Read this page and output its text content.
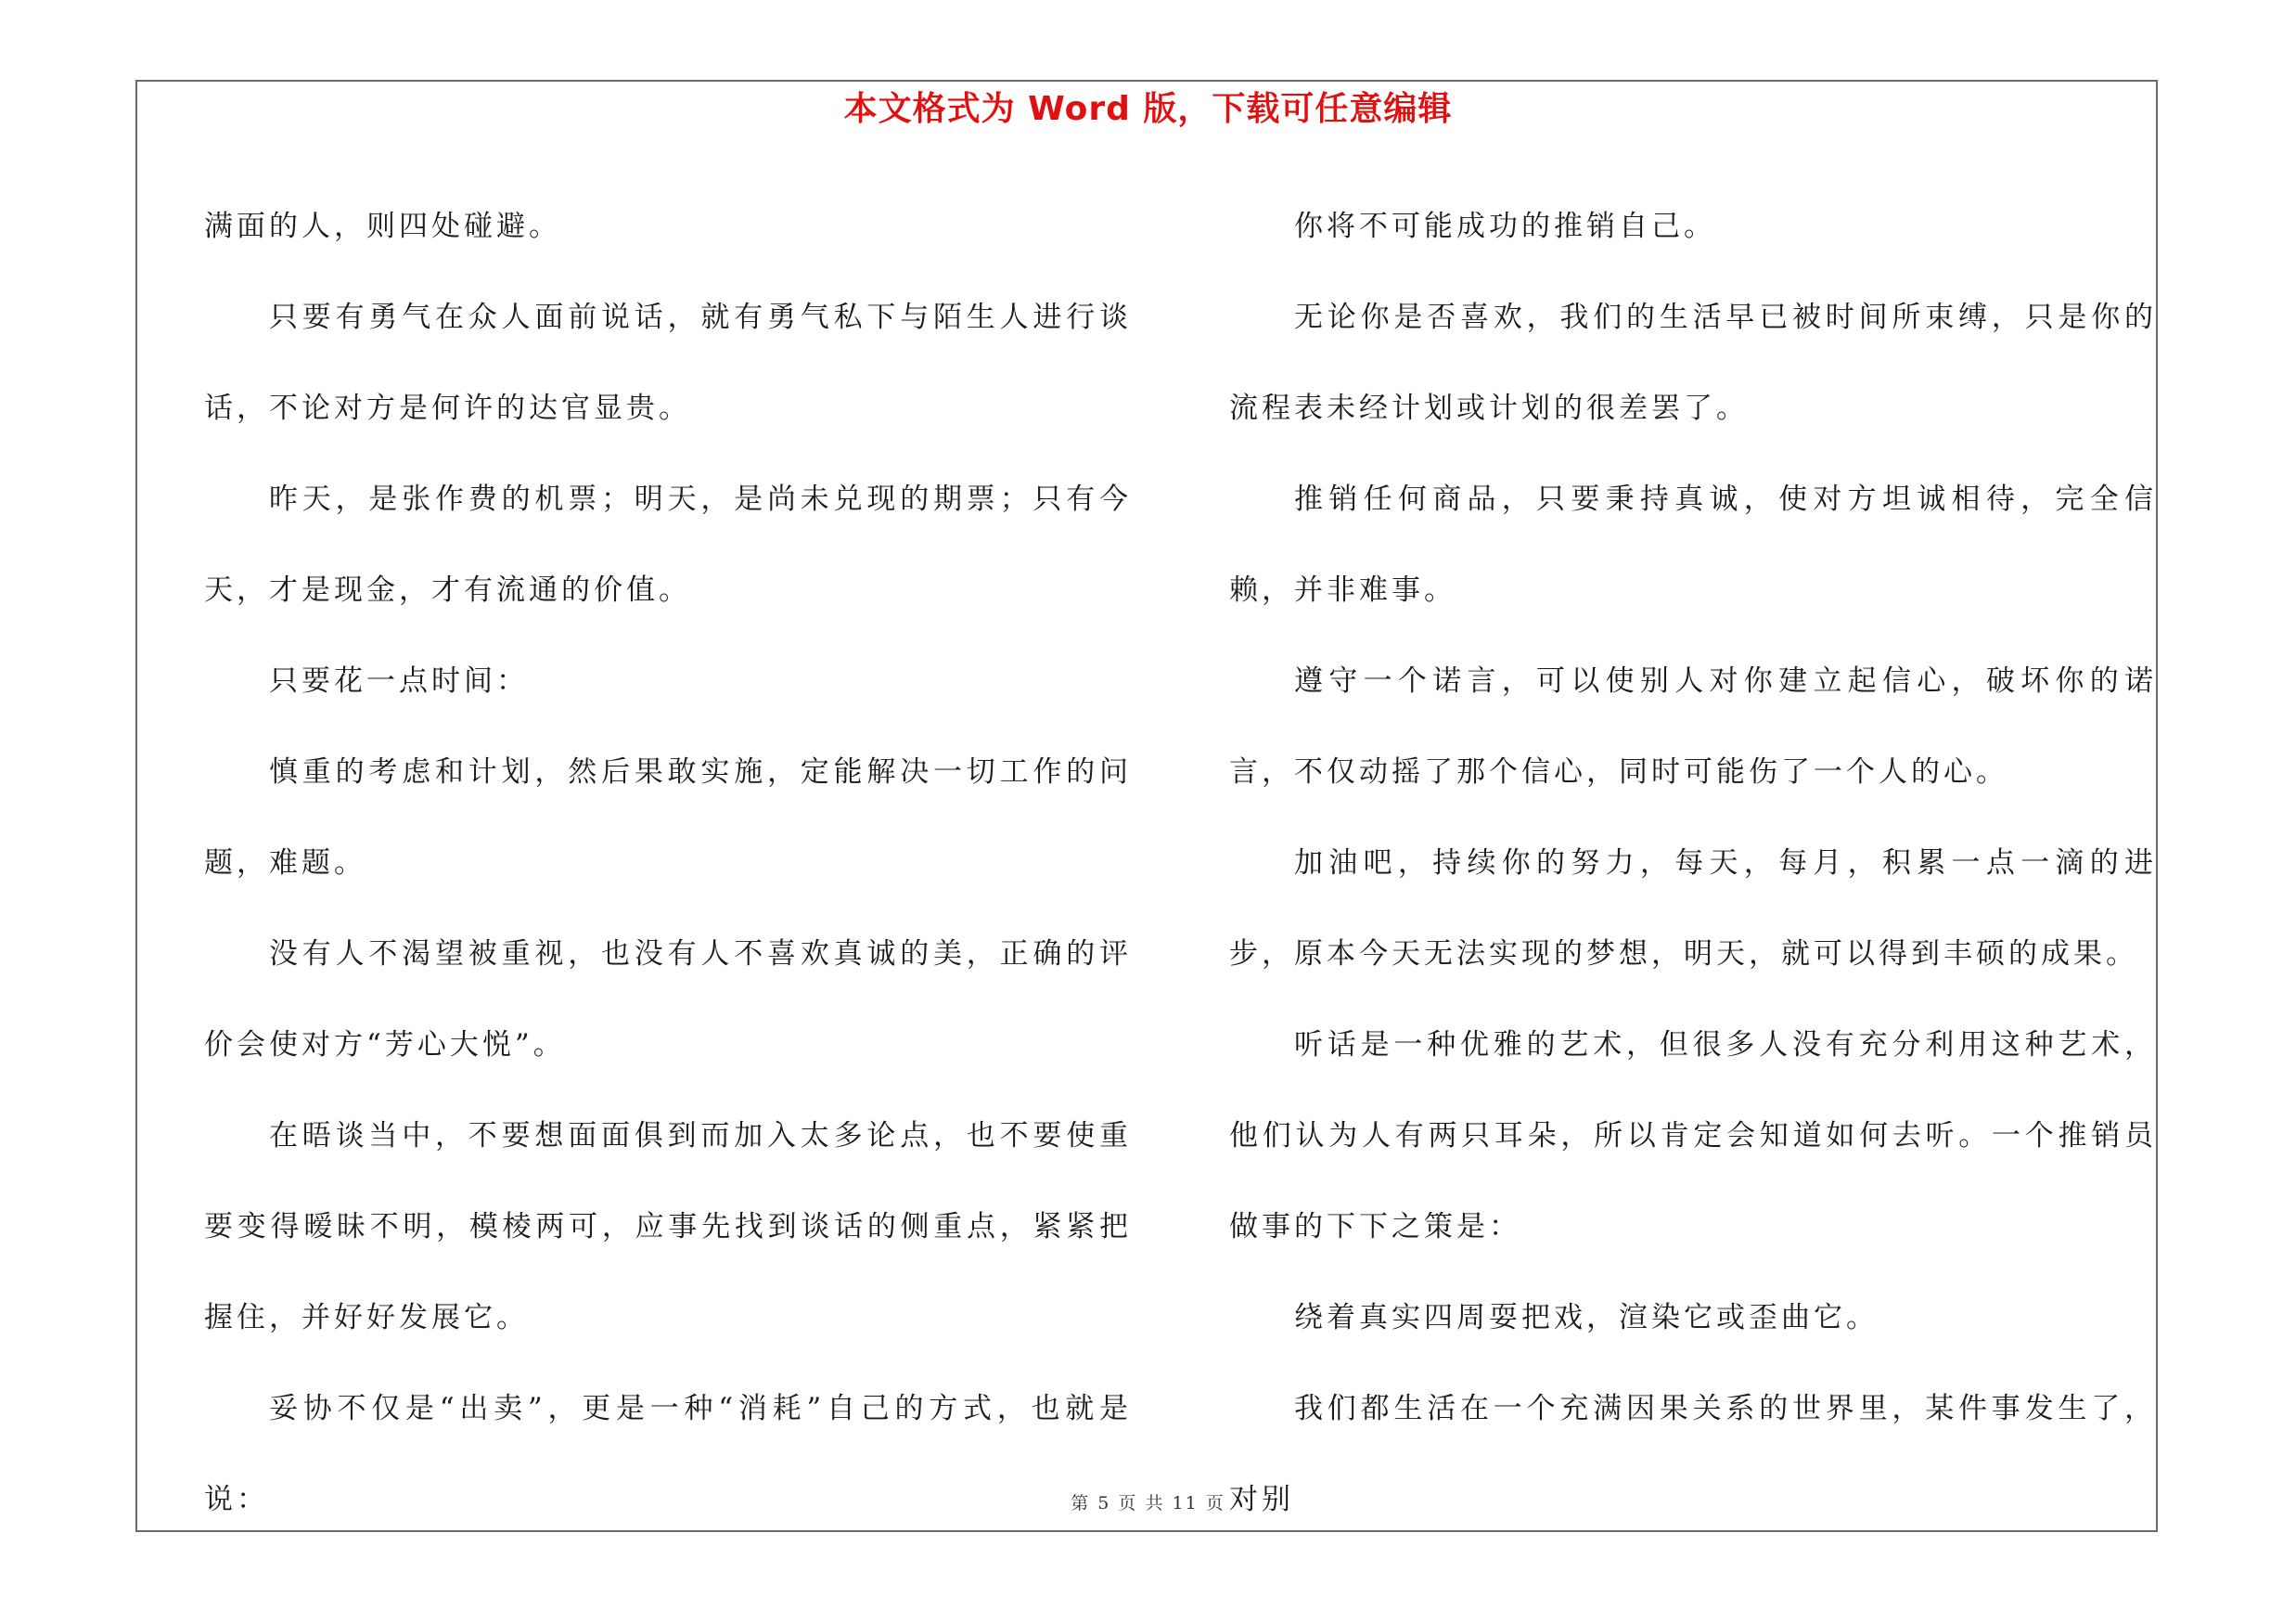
本文格式为 Word 版，下载可任意编辑

满面的人，则四处碰避。

只要有勇气在众人面前说话，就有勇气私下与陌生人进行谈话，不论对方是何许的达官显贵。

昨天，是张作费的机票；明天，是尚未兑现的期票；只有今天，才是现金，才有流通的价值。

只要花一点时间：

慎重的考虑和计划，然后果敢实施，定能解决一切工作的问题，难题。

没有人不渴望被重视，也没有人不喜欢真诚的美，正确的评价会使对方“芳心大悦”。

在晤谈当中，不要想面面俱到而加入太多论点，也不要使重要变得暧昧不明，模棱两可，应事先找到谈话的侧重点，紧紧把握住，并好好发展它。

妥协不仅是“出卖”，更是一种“消耗”自己的方式，也就是说：

你将不可能成功的推销自己。

无论你是否喜欢，我们的生活早已被时间所束缚，只是你的流程表未经计划或计划的很差罢了。

推销任何商品，只要秉持真诚，使对方坦诚相待，完全信赖，并非难事。

遵守一个诺言，可以使别人对你建立起信心，破坏你的诺言，不仅动摇了那个信心，同时可能伤了一个人的心。

加油吧，持续你的努力，每天，每月，积累一点一滴的进步，原本今天无法实现的梦想，明天，就可以得到丰硕的成果。

听话是一种优雅的艺术，但很多人没有充分利用这种艺术，他们认为人有两只耳朵，所以肯定会知道如何去听。一个推销员做事的下下之策是：

绕着真实四周耍把戏，渲染它或歪曲它。

我们都生活在一个充满因果关系的世界里，某件事发生了，对别

第 5 页 共 11 页
